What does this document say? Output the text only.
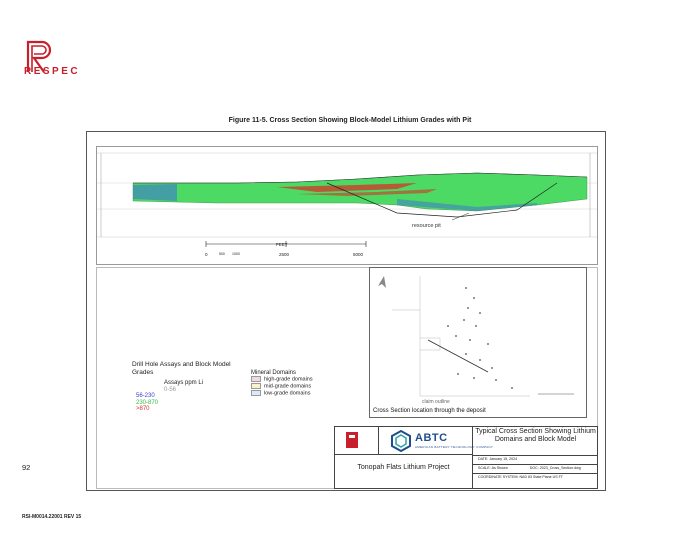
RESPEC
Figure 11-5. Cross Section Showing Block-Model Lithium Grades with Pit
resource pit
FEET
0	500 1000	2500	5000
Drill Hole Assays and Block Model Grades
Assays ppm Li
0-56
56-230
230-870
>870
Mineral Domains
high-grade domains
mid-grade domains
low-grade domains
claim outline
Cross Section location through the deposit
ABTC
AMERICAN BATTERY TECHNOLOGY COMPANY
Tonopah Flats Lithium Project
Typical Cross Section Showing Lithium Domains and Block Model
DATE: January 15, 2024
SCALE: As Shown	DOC: 2023_Cross_Section.dwg
COORDINATE SYSTEM: NAD 83 State Plane US FT
92
RSI-M0014.22001 REV 15
